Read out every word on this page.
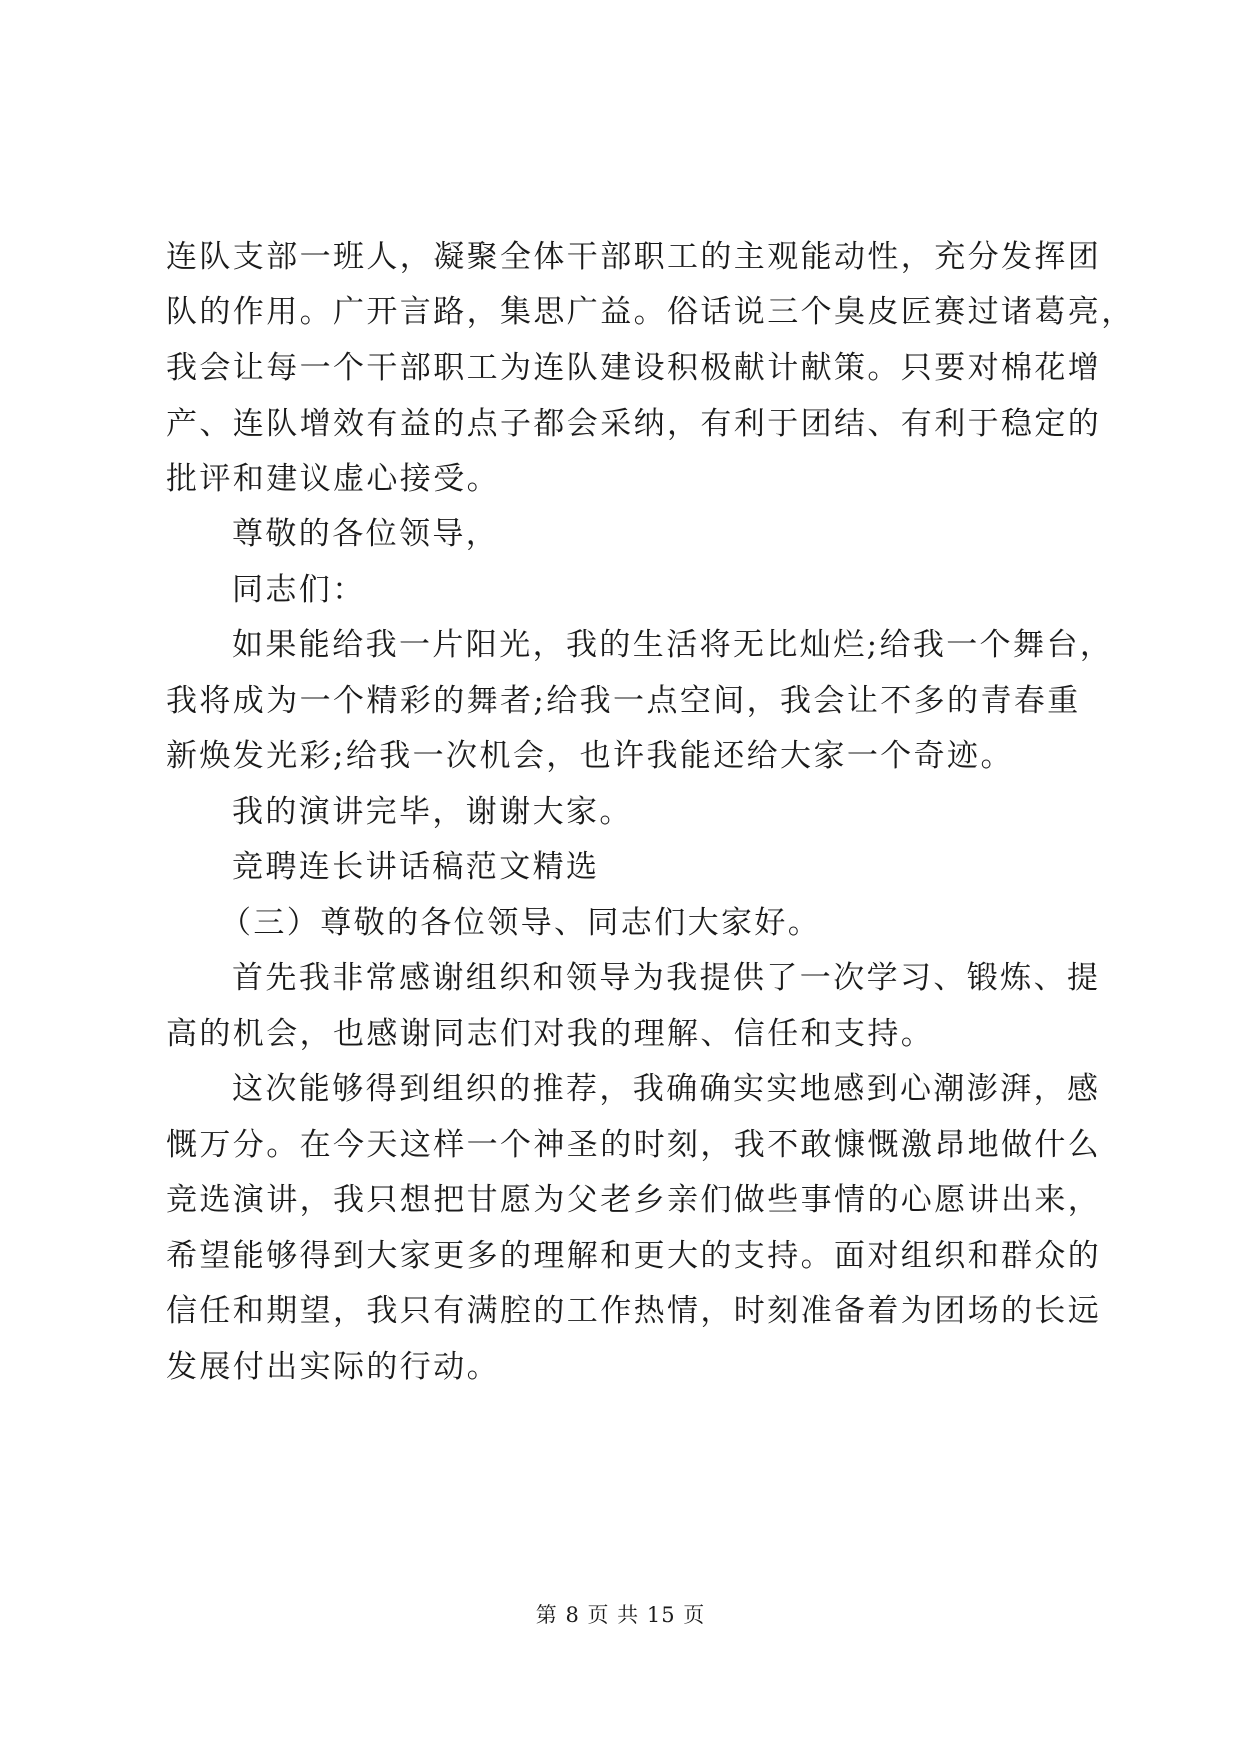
连队支部一班人，凝聚全体干部职工的主观能动性，充分发挥团
队的作用。广开言路，集思广益。俗话说三个臭皮匠赛过诸葛亮，
我会让每一个干部职工为连队建设积极献计献策。只要对棉花增
产、连队增效有益的点子都会采纳，有利于团结、有利于稳定的
批评和建议虚心接受。
尊敬的各位领导，
同志们：
如果能给我一片阳光，我的生活将无比灿烂;给我一个舞台，
我将成为一个精彩的舞者;给我一点空间，我会让不多的青春重
新焕发光彩;给我一次机会，也许我能还给大家一个奇迹。
我的演讲完毕，谢谢大家。
竞聘连长讲话稿范文精选
（三）尊敬的各位领导、同志们大家好。
首先我非常感谢组织和领导为我提供了一次学习、锻炼、提
高的机会，也感谢同志们对我的理解、信任和支持。
这次能够得到组织的推荐，我确确实实地感到心潮澎湃，感
慨万分。在今天这样一个神圣的时刻，我不敢慷慨激昂地做什么
竞选演讲，我只想把甘愿为父老乡亲们做些事情的心愿讲出来，
希望能够得到大家更多的理解和更大的支持。面对组织和群众的
信任和期望，我只有满腔的工作热情，时刻准备着为团场的长远
发展付出实际的行动。
第 8 页 共 15 页
